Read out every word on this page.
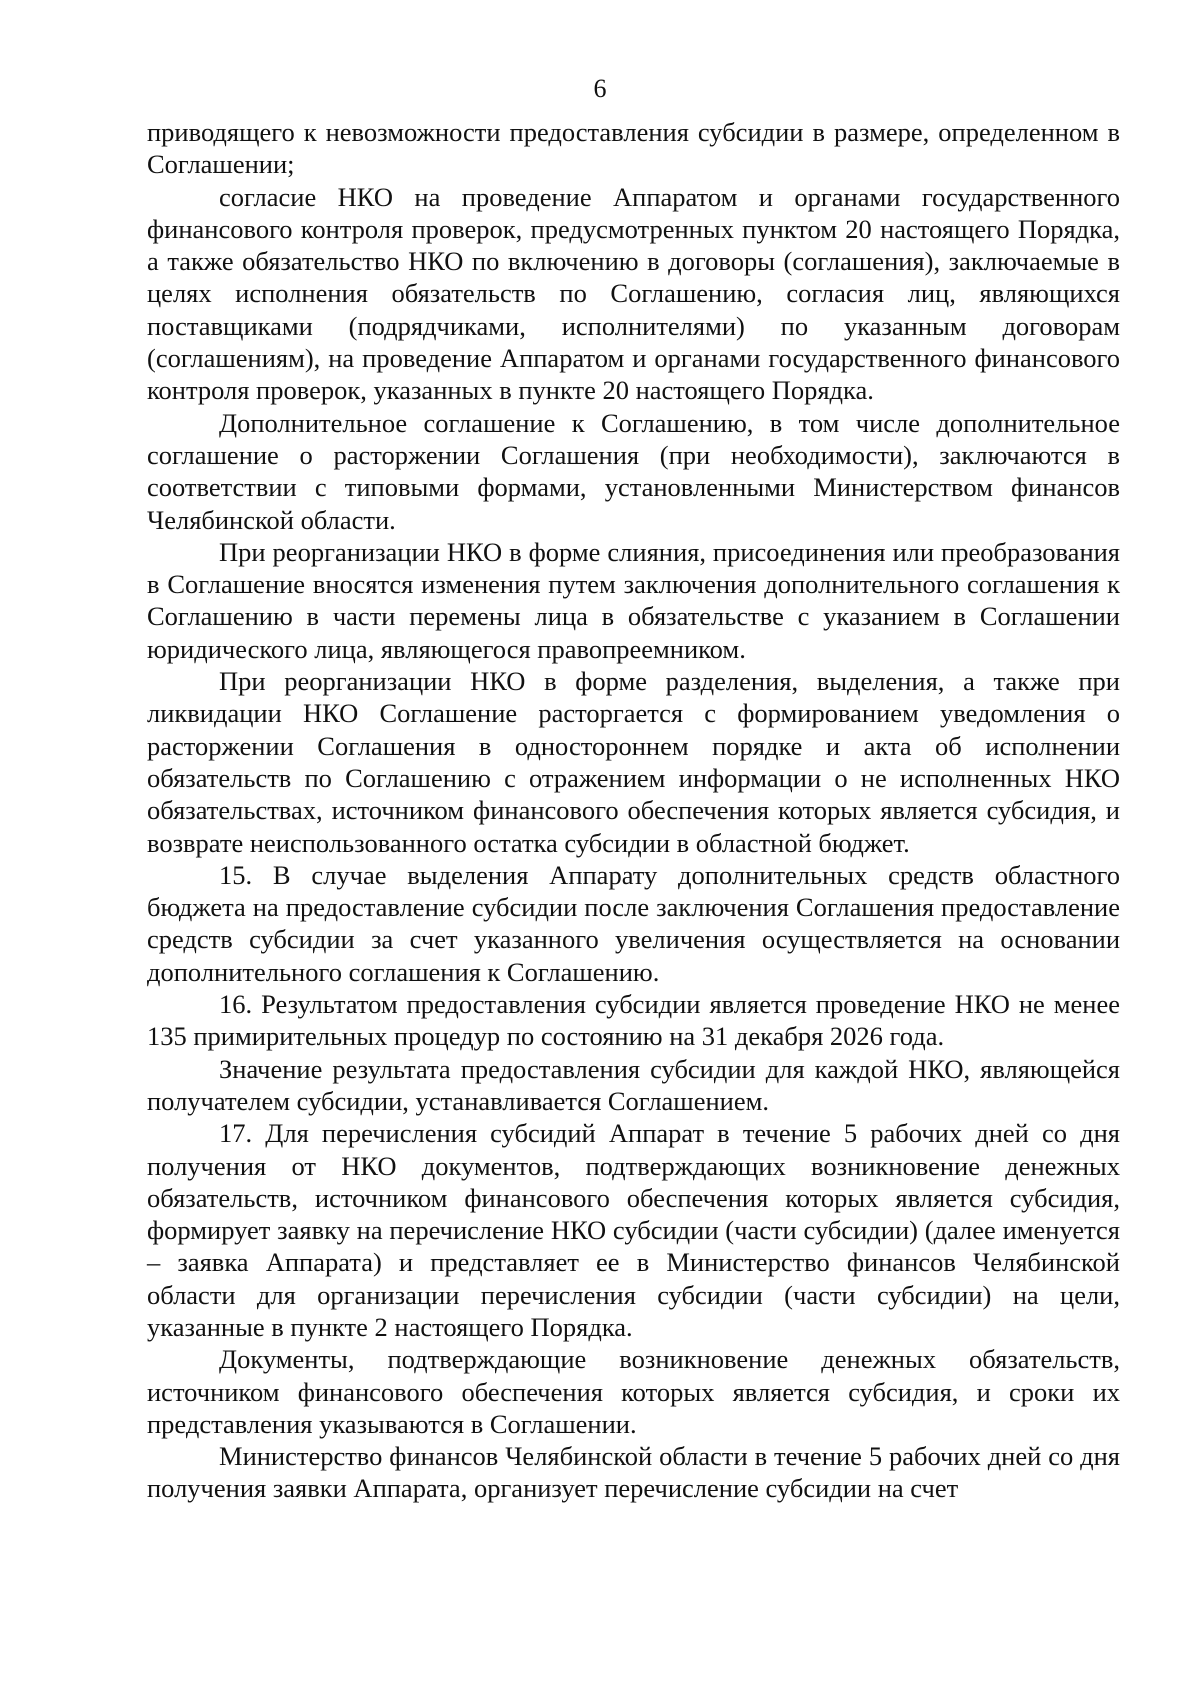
6

приводящего к невозможности предоставления субсидии в размере, определенном в Соглашении;

согласие НКО на проведение Аппаратом и органами государственного финансового контроля проверок, предусмотренных пунктом 20 настоящего Порядка, а также обязательство НКО по включению в договоры (соглашения), заключаемые в целях исполнения обязательств по Соглашению, согласия лиц, являющихся поставщиками (подрядчиками, исполнителями) по указанным договорам (соглашениям), на проведение Аппаратом и органами государственного финансового контроля проверок, указанных в пункте 20 настоящего Порядка.

Дополнительное соглашение к Соглашению, в том числе дополнительное соглашение о расторжении Соглашения (при необходимости), заключаются в соответствии с типовыми формами, установленными Министерством финансов Челябинской области.

При реорганизации НКО в форме слияния, присоединения или преобразования в Соглашение вносятся изменения путем заключения дополнительного соглашения к Соглашению в части перемены лица в обязательстве с указанием в Соглашении юридического лица, являющегося правопреемником.

При реорганизации НКО в форме разделения, выделения, а также при ликвидации НКО Соглашение расторгается с формированием уведомления о расторжении Соглашения в одностороннем порядке и акта об исполнении обязательств по Соглашению с отражением информации о не исполненных НКО обязательствах, источником финансового обеспечения которых является субсидия, и возврате неиспользованного остатка субсидии в областной бюджет.

15. В случае выделения Аппарату дополнительных средств областного бюджета на предоставление субсидии после заключения Соглашения предоставление средств субсидии за счет указанного увеличения осуществляется на основании дополнительного соглашения к Соглашению.

16. Результатом предоставления субсидии является проведение НКО не менее 135 примирительных процедур по состоянию на 31 декабря 2026 года.

Значение результата предоставления субсидии для каждой НКО, являющейся получателем субсидии, устанавливается Соглашением.

17. Для перечисления субсидий Аппарат в течение 5 рабочих дней со дня получения от НКО документов, подтверждающих возникновение денежных обязательств, источником финансового обеспечения которых является субсидия, формирует заявку на перечисление НКО субсидии (части субсидии) (далее именуется – заявка Аппарата) и представляет ее в Министерство финансов Челябинской области для организации перечисления субсидии (части субсидии) на цели, указанные в пункте 2 настоящего Порядка.

Документы, подтверждающие возникновение денежных обязательств, источником финансового обеспечения которых является субсидия, и сроки их представления указываются в Соглашении.

Министерство финансов Челябинской области в течение 5 рабочих дней со дня получения заявки Аппарата, организует перечисление субсидии на счет
